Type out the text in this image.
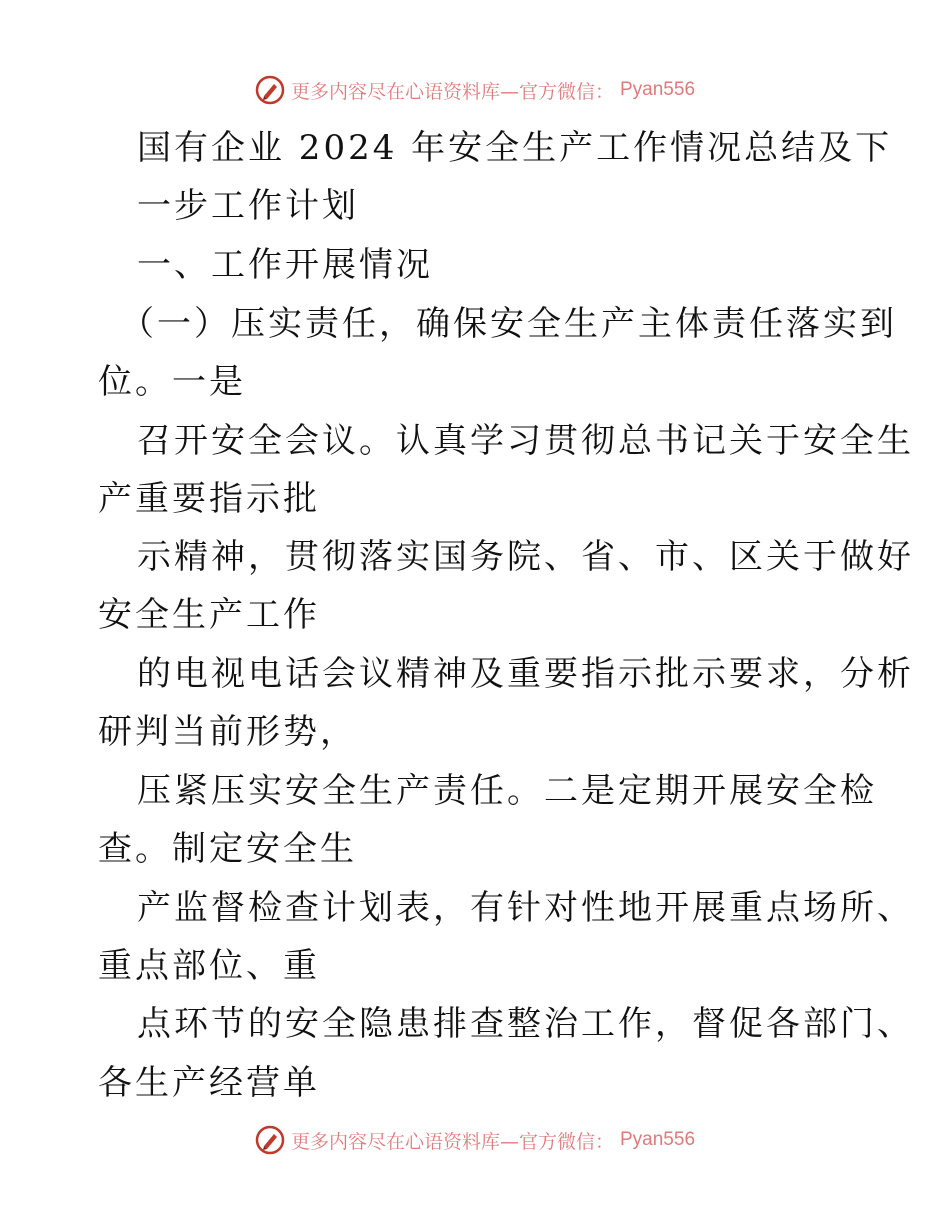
更多内容尽在心语资料库—官方微信： Pyan556
国有企业 2024 年安全生产工作情况总结及下
一步工作计划
一、工作开展情况
（一）压实责任，确保安全生产主体责任落实到
位。一是
召开安全会议。认真学习贯彻总书记关于安全生
产重要指示批
示精神，贯彻落实国务院、省、市、区关于做好
安全生产工作
的电视电话会议精神及重要指示批示要求，分析
研判当前形势，
压紧压实安全生产责任。二是定期开展安全检
查。制定安全生
产监督检查计划表，有针对性地开展重点场所、
重点部位、重
点环节的安全隐患排查整治工作，督促各部门、
各生产经营单
更多内容尽在心语资料库—官方微信： Pyan556
